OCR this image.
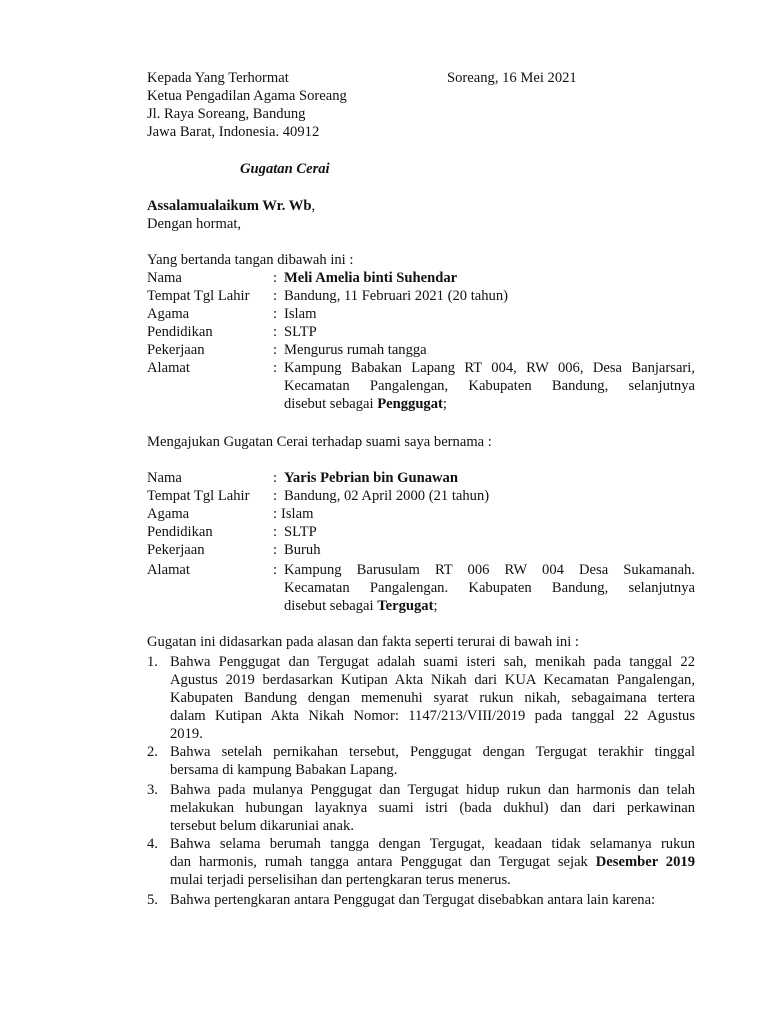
Kepada Yang Terhormat	Soreang, 16 Mei 2021
Ketua Pengadilan Agama Soreang
Jl. Raya Soreang, Bandung
Jawa Barat, Indonesia. 40912
Gugatan Cerai
Assalamualaikum Wr. Wb,
Dengan hormat,
Yang bertanda tangan dibawah ini :
Nama	: Meli Amelia binti Suhendar
Tempat Tgl Lahir : Bandung, 11 Februari 2021 (20 tahun)
Agama	: Islam
Pendidikan	: SLTP
Pekerjaan	: Mengurus rumah tangga
Alamat	: Kampung Babakan Lapang RT 004, RW 006, Desa Banjarsari,
Kecamatan Pangalengan, Kabupaten Bandung, selanjutnya
disebut sebagai Penggugat;
Mengajukan Gugatan Cerai terhadap suami saya bernama :
Nama	: Yaris Pebrian bin Gunawan
Tempat Tgl Lahir : Bandung, 02 April 2000 (21 tahun)
Agama	: Islam
Pendidikan	: SLTP
Pekerjaan	: Buruh
Alamat	: Kampung Barusulam RT 006 RW 004 Desa Sukamanah.
Kecamatan Pangalengan. Kabupaten Bandung, selanjutnya
disebut sebagai Tergugat;
Gugatan ini didasarkan pada alasan dan fakta seperti terurai di bawah ini :
1. Bahwa Penggugat dan Tergugat adalah suami isteri sah, menikah pada tanggal 22
Agustus 2019 berdasarkan Kutipan Akta Nikah dari KUA Kecamatan Pangalengan,
Kabupaten Bandung dengan memenuhi syarat rukun nikah, sebagaimana tertera
dalam Kutipan Akta Nikah Nomor: 1147/213/VIII/2019 pada tanggal 22 Agustus
2019.
2. Bahwa setelah pernikahan tersebut, Penggugat dengan Tergugat terakhir tinggal
bersama di kampung Babakan Lapang.
3. Bahwa pada mulanya Penggugat dan Tergugat hidup rukun dan harmonis dan telah
melakukan hubungan layaknya suami istri (bada dukhul) dan dari perkawinan
tersebut belum dikaruniai anak.
4. Bahwa selama berumah tangga dengan Tergugat, keadaan tidak selamanya rukun
dan harmonis, rumah tangga antara Penggugat dan Tergugat sejak Desember 2019
mulai terjadi perselisihan dan pertengkaran terus menerus.
5. Bahwa pertengkaran antara Penggugat dan Tergugat disebabkan antara lain karena:
